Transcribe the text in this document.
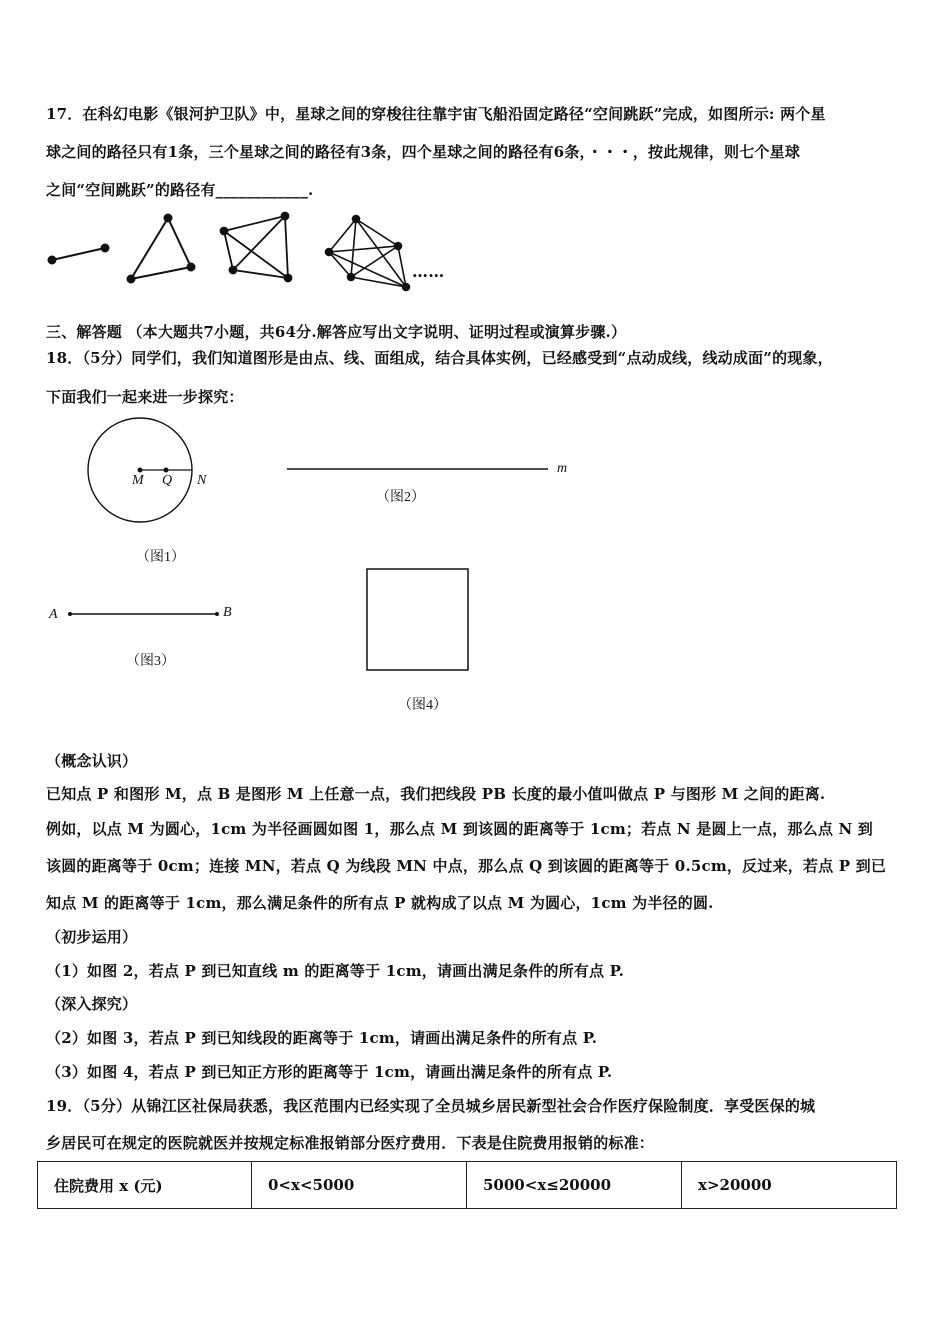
17．在科幻电影《银河护卫队》中，星球之间的穿梭往往靠宇宙飞船沿固定路径“空间跳跃”完成，如图所示: 两个星
球之间的路径只有1条，三个星球之间的路径有3条，四个星球之间的路径有6条，・・・，按此规律，则七个星球
之间“空间跳跃”的路径有____________.
……
三、解答题 （本大题共7小题，共64分.解答应写出文字说明、证明过程或演算步骤.）
18．（5分）同学们，我们知道图形是由点、线、面组成，结合具体实例，已经感受到“点动成线，线动成面”的现象，
下面我们一起来进一步探究：
M Q N
（图1）
m
（图2）
A	B
（图3）
（图4）
（概念认识）
已知点 P 和图形 M，点 B 是图形 M 上任意一点，我们把线段 PB 长度的最小值叫做点 P 与图形 M 之间的距离.
例如，以点 M 为圆心，1cm 为半径画圆如图 1，那么点 M 到该圆的距离等于 1cm；若点 N 是圆上一点，那么点 N 到
该圆的距离等于 0cm；连接 MN，若点 Q 为线段 MN 中点，那么点 Q 到该圆的距离等于 0.5cm，反过来，若点 P 到已
知点 M 的距离等于 1cm，那么满足条件的所有点 P 就构成了以点 M 为圆心，1cm 为半径的圆.
（初步运用）
（1）如图 2，若点 P 到已知直线 m 的距离等于 1cm，请画出满足条件的所有点 P.
（深入探究）
（2）如图 3，若点 P 到已知线段的距离等于 1cm，请画出满足条件的所有点 P.
（3）如图 4，若点 P 到已知正方形的距离等于 1cm，请画出满足条件的所有点 P.
19．（5分）从锦江区社保局获悉，我区范围内已经实现了全员城乡居民新型社会合作医疗保险制度．享受医保的城
乡居民可在规定的医院就医并按规定标准报销部分医疗费用．下表是住院费用报销的标准：
住院费用 x (元)	0<x<5000	5000<x≤20000	x>20000
